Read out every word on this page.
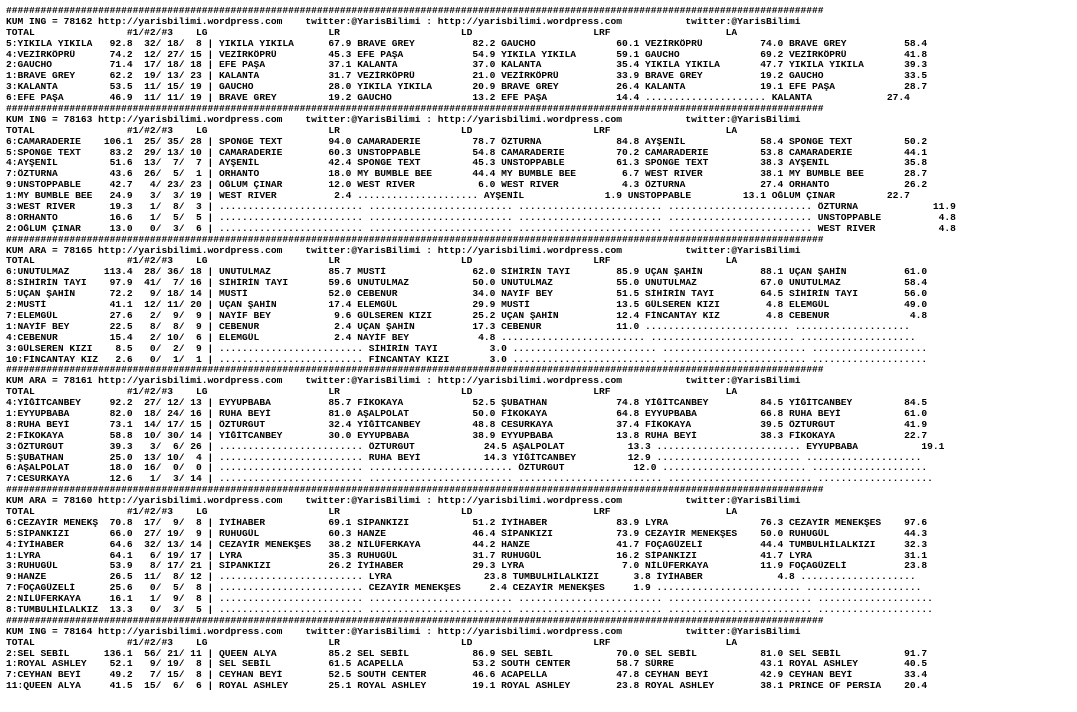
##############################################################################################################################################
KUM ING = 78162 http://yarisbilimi.wordpress.com    twitter:@YarisBilimi : http://yarisbilimi.wordpress.com           twitter:@YarisBilimi
TOTAL                #1/#2/#3    LG                     LR                     LD                     LRF                    LA
5:YIKILA YIKILA   92.8  32/ 18/  8 | YIKILA YIKILA      67.9 BRAVE GREY          82.2 GAUCHO              60.1 VEZİRKÖPRÜ          74.0 BRAVE GREY          58.4
4:VEZİRKÖPRÜ      74.2  12/ 27/ 15 | VEZİRKÖPRÜ         45.3 EFE PAŞA            54.9 YIKILA YIKILA       59.1 GAUCHO              69.2 VEZİRKÖPRÜ          41.8
2:GAUCHO          71.4  17/ 18/ 18 | EFE PAŞA           37.1 KALANTA             37.0 KALANTA             35.4 YIKILA YIKILA       47.7 YIKILA YIKILA       39.3
1:BRAVE GREY      62.2  19/ 13/ 23 | KALANTA            31.7 VEZİRKÖPRÜ          21.0 VEZİRKÖPRÜ          33.9 BRAVE GREY          19.2 GAUCHO              33.5
3:KALANTA         53.5  11/ 15/ 19 | GAUCHO             28.0 YIKILA YIKILA       20.9 BRAVE GREY          26.4 KALANTA             19.1 EFE PAŞA            28.7
6:EFE PAŞA        46.9  11/ 11/ 19 | BRAVE GREY         19.2 GAUCHO              13.2 EFE PAŞA            14.4 ..................... KALANTA             27.4
##############################################################################################################################################
KUM ING = 78163 http://yarisbilimi.wordpress.com    twitter:@YarisBilimi : http://yarisbilimi.wordpress.com           twitter:@YarisBilimi
TOTAL                #1/#2/#3    LG                     LR                     LD                     LRF                    LA
6:CAMARADERIE    106.1  25/ 35/ 28 | SPONGE TEXT        94.0 CAMARADERIE         78.7 ÖZTURNA             84.8 AYŞENİL             58.4 SPONGE TEXT         50.2
5:SPONGE TEXT     83.2  29/ 13/ 10 | CAMARADERIE        60.3 UNSTOPPABLE         54.8 CAMARADERIE         70.2 CAMARADERIE         53.8 CAMARADERIE         44.1
4:AYŞENİL         51.6  13/  7/  7 | AYŞENİL            42.4 SPONGE TEXT         45.3 UNSTOPPABLE         61.3 SPONGE TEXT         38.3 AYŞENİL             35.8
7:ÖZTURNA         43.6  26/  5/  1 | ORHANTO            18.0 MY BUMBLE BEE       44.4 MY BUMBLE BEE        6.7 WEST RIVER          38.1 MY BUMBLE BEE       28.7
9:UNSTOPPABLE     42.7   4/ 23/ 23 | OĞLUM ÇINAR        12.0 WEST RIVER           6.0 WEST RIVER           4.3 ÖZTURNA             27.4 ORHANTO             26.2
1:MY BUMBLE BEE   24.9   3/  3/ 19 | WEST RIVER          2.4 ..................... AYŞENİL              1.9 UNSTOPPABLE         13.1 OĞLUM ÇINAR         22.7
3:WEST RIVER      19.3   1/  8/  3 | ......................... ......................... ......................... ......................... ÖZTURNA             11.9
8:ORHANTO         16.6   1/  5/  5 | ......................... ......................... ......................... ......................... UNSTOPPABLE          4.8
2:OĞLUM ÇINAR     13.0   0/  3/  6 | ......................... ......................... ......................... ......................... WEST RIVER           4.8
##############################################################################################################################################
KUM ARA = 78165 http://yarisbilimi.wordpress.com    twitter:@YarisBilimi : http://yarisbilimi.wordpress.com           twitter:@YarisBilimi
TOTAL                #1/#2/#3    LG                     LR                     LD                     LRF                    LA
6:UNUTULMAZ      113.4  28/ 36/ 18 | UNUTULMAZ          85.7 MUSTİ               62.0 SİHİRİN TAYI        85.9 UÇAN ŞAHİN          88.1 UÇAN ŞAHİN          61.0
8:SİHİRİN TAYI    97.9  41/  7/ 16 | SİHİRİN TAYI       59.6 UNUTULMAZ           50.0 UNUTULMAZ           55.0 UNUTULMAZ           67.0 UNUTULMAZ           58.4
5:UÇAN ŞAHİN      72.2   9/ 18/ 14 | MUSTİ              52.0 CEBENUR             34.0 NAYİF BEY           51.5 SİHİRİN TAYI        64.5 SİHİRİN TAYI        56.0
2:MUSTİ           41.1  12/ 11/ 20 | UÇAN ŞAHİN         17.4 ELEMGÜL             29.9 MUSTİ               13.5 GÜLSEREN KIZI        4.8 ELEMGÜL             49.0
7:ELEMGÜL         27.6   2/  9/  9 | NAYİF BEY           9.6 GÜLSEREN KIZI       25.2 UÇAN ŞAHİN          12.4 FİNCANTAY KIZ        4.8 CEBENUR              4.8
1:NAYİF BEY       22.5   8/  8/  9 | CEBENUR             2.4 UÇAN ŞAHİN          17.3 CEBENUR             11.0 ......................... ....................
4:CEBENUR         15.4   2/ 10/  6 | ELEMGÜL             2.4 NAYİF BEY            4.8 ......................... ......................... ....................
3:GÜLSEREN KIZI    8.5   0/  2/  9 | ......................... SİHİRİN TAYI         3.0 ......................... ......................... ....................
10:FİNCANTAY KIZ   2.6   0/  1/  1 | ......................... FİNCANTAY KIZI       3.0 ......................... ......................... ....................
##############################################################################################################################################
KUM ARA = 78161 http://yarisbilimi.wordpress.com    twitter:@YarisBilimi : http://yarisbilimi.wordpress.com           twitter:@YarisBilimi
TOTAL                #1/#2/#3    LG                     LR                     LD                     LRF                    LA
4:YİĞİTCANBEY     92.2  27/ 12/ 13 | EYYUPBABA          85.7 FİKOKAYA            52.5 ŞUBATHAN            74.8 YİĞİTCANBEY         84.5 YİĞİTCANBEY         84.5
1:EYYUPBABA       82.0  18/ 24/ 16 | RUHA BEYİ          81.0 AŞALPOLAT           50.0 FİKOKAYA            64.8 EYYUPBABA           66.8 RUHA BEYİ           61.0
8:RUHA BEYİ       73.1  14/ 17/ 15 | ÖZTURGUT           32.4 YİĞİTCANBEY         48.8 CESURKAYA           37.4 FİKOKAYA            39.5 ÖZTURGUT            41.9
2:FİKOKAYA        58.8  10/ 30/ 14 | YİĞİTCANBEY        30.0 EYYUPBABA           38.9 EYYUPBABA           13.8 RUHA BEYİ           38.3 FİKOKAYA            22.7
3:ÖZTURGUT        39.3   3/  6/ 26 | ......................... ÖZTURGUT            24.5 AŞALPOLAT           13.3 ......................... EYYUPBABA           19.1
5:ŞUBATHAN        25.0  13/ 10/  4 | ......................... RUHA BEYİ           14.3 YİĞİTCANBEY         12.9 ......................... ....................
6:AŞALPOLAT       18.0  16/  0/  0 | ......................... ......................... ÖZTURGUT            12.0 ......................... ....................
7:CESURKAYA       12.6   1/  3/ 14 | ......................... ......................... ......................... ......................... ....................
##############################################################################################################################################
KUM ARA = 78160 http://yarisbilimi.wordpress.com    twitter:@YarisBilimi : http://yarisbilimi.wordpress.com           twitter:@YarisBilimi
TOTAL                #1/#2/#3    LG                     LR                     LD                     LRF                    LA
6:CEZAYİR MENEKŞ  70.8  17/  9/  8 | İYİHABER           69.1 SİPANKIZI           51.2 İYİHABER            83.9 LYRA                76.3 CEZAYİR MENEKŞES    97.6
5:SİPANKIZI       66.0  27/ 19/  9 | RUHUGÜL            60.3 HANZE               46.4 SİPANKIZI           73.9 CEZAYİR MENEKŞES    50.0 RUHUGÜL             44.3
4:İYİHABER        64.6  32/ 13/ 14 | CEZAYİR MENEKŞES   38.2 NİLÜFERKAYA         44.2 HANZE               41.7 FOÇAGÜZELİ          44.4 TUMBULHİLALKIZI     32.3
1:LYRA            64.1   6/ 19/ 17 | LYRA               35.3 RUHUGÜL             31.7 RUHUGÜL             16.2 SİPANKIZI           41.7 LYRA                31.1
3:RUHUGÜL         53.9   8/ 17/ 21 | SİPANKIZI          26.2 İYİHABER            29.3 LYRA                 7.0 NİLÜFERKAYA         11.9 FOÇAGÜZELİ          23.8
9:HANZE           26.5  11/  8/ 12 | ......................... LYRA                23.8 TUMBULHİLALKIZI      3.8 İYİHABER             4.8 ....................
7:FOÇAGÜZELİ      25.6   0/  5/  8 | ......................... CEZAYİR MENEKŞES     2.4 CEZAYİR MENEKŞES     1.9 ......................... ....................
2:NİLÜFERKAYA     16.1   1/  9/  8 | ......................... ......................... ......................... ......................... ....................
8:TUMBULHİLALKIZ  13.3   0/  3/  5 | ......................... ......................... ......................... ......................... ....................
##############################################################################################################################################
KUM ING = 78164 http://yarisbilimi.wordpress.com    twitter:@YarisBilimi : http://yarisbilimi.wordpress.com           twitter:@YarisBilimi
TOTAL                #1/#2/#3    LG                     LR                     LD                     LRF                    LA
2:SEL SEBİL      136.1  56/ 21/ 11 | QUEEN ALYA         85.2 SEL SEBİL           86.9 SEL SEBİL           70.0 SEL SEBİL           81.0 SEL SEBİL           91.7
1:ROYAL ASHLEY    52.1   9/ 19/  8 | SEL SEBİL          61.5 ACAPELLA            53.2 SOUTH CENTER        58.7 SÜRRE               43.1 ROYAL ASHLEY        40.5
7:CEYHAN BEYİ     49.2   7/ 15/  8 | CEYHAN BEYİ        52.5 SOUTH CENTER        46.6 ACAPELLA            47.8 CEYHAN BEYİ         42.9 CEYHAN BEYİ         33.4
11:QUEEN ALYA     41.5  15/  6/  6 | ROYAL ASHLEY       25.1 ROYAL ASHLEY        19.1 ROYAL ASHLEY        23.8 ROYAL ASHLEY        38.1 PRINCE OF PERSIA    20.4
